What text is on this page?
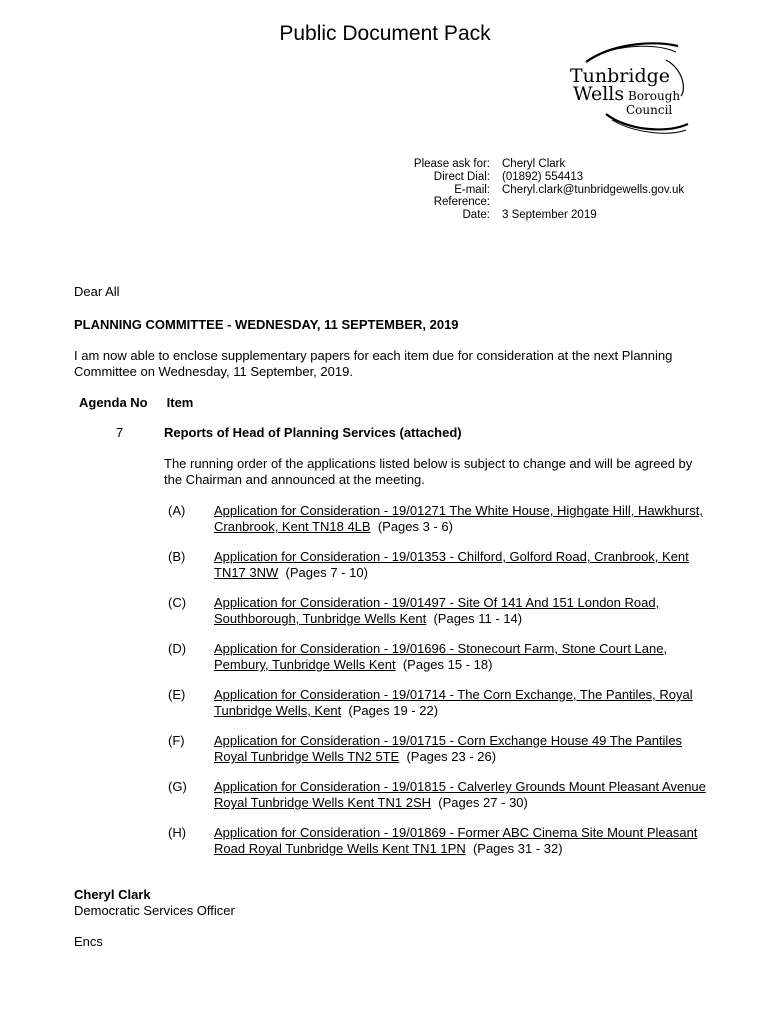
Public Document Pack
Tunbridge
Wells Borough
Council
Please ask for: Cheryl Clark
Direct Dial: (01892) 554413
E-mail: Cheryl.clark@tunbridgewells.gov.uk
Reference:
Date: 3 September 2019
Dear All
PLANNING COMMITTEE - WEDNESDAY, 11 SEPTEMBER, 2019
I am now able to enclose supplementary papers for each item due for consideration at the next Planning Committee on Wednesday, 11 September, 2019.
Agenda No Item
7	Reports of Head of Planning Services (attached)
The running order of the applications listed below is subject to change and will be agreed by the Chairman and announced at the meeting.
(A) Application for Consideration - 19/01271 The White House, Highgate Hill, Hawkhurst, Cranbrook, Kent TN18 4LB (Pages 3 - 6)
(B) Application for Consideration - 19/01353 - Chilford, Golford Road, Cranbrook, Kent TN17 3NW (Pages 7 - 10)
(C) Application for Consideration - 19/01497 - Site Of 141 And 151 London Road, Southborough, Tunbridge Wells Kent (Pages 11 - 14)
(D) Application for Consideration - 19/01696 - Stonecourt Farm, Stone Court Lane, Pembury, Tunbridge Wells Kent (Pages 15 - 18)
(E) Application for Consideration - 19/01714 - The Corn Exchange, The Pantiles, Royal Tunbridge Wells, Kent (Pages 19 - 22)
(F) Application for Consideration - 19/01715 - Corn Exchange House 49 The Pantiles Royal Tunbridge Wells TN2 5TE (Pages 23 - 26)
(G) Application for Consideration - 19/01815 - Calverley Grounds Mount Pleasant Avenue Royal Tunbridge Wells Kent TN1 2SH (Pages 27 - 30)
(H) Application for Consideration - 19/01869 - Former ABC Cinema Site Mount Pleasant Road Royal Tunbridge Wells Kent TN1 1PN (Pages 31 - 32)
Cheryl Clark
Democratic Services Officer
Encs
